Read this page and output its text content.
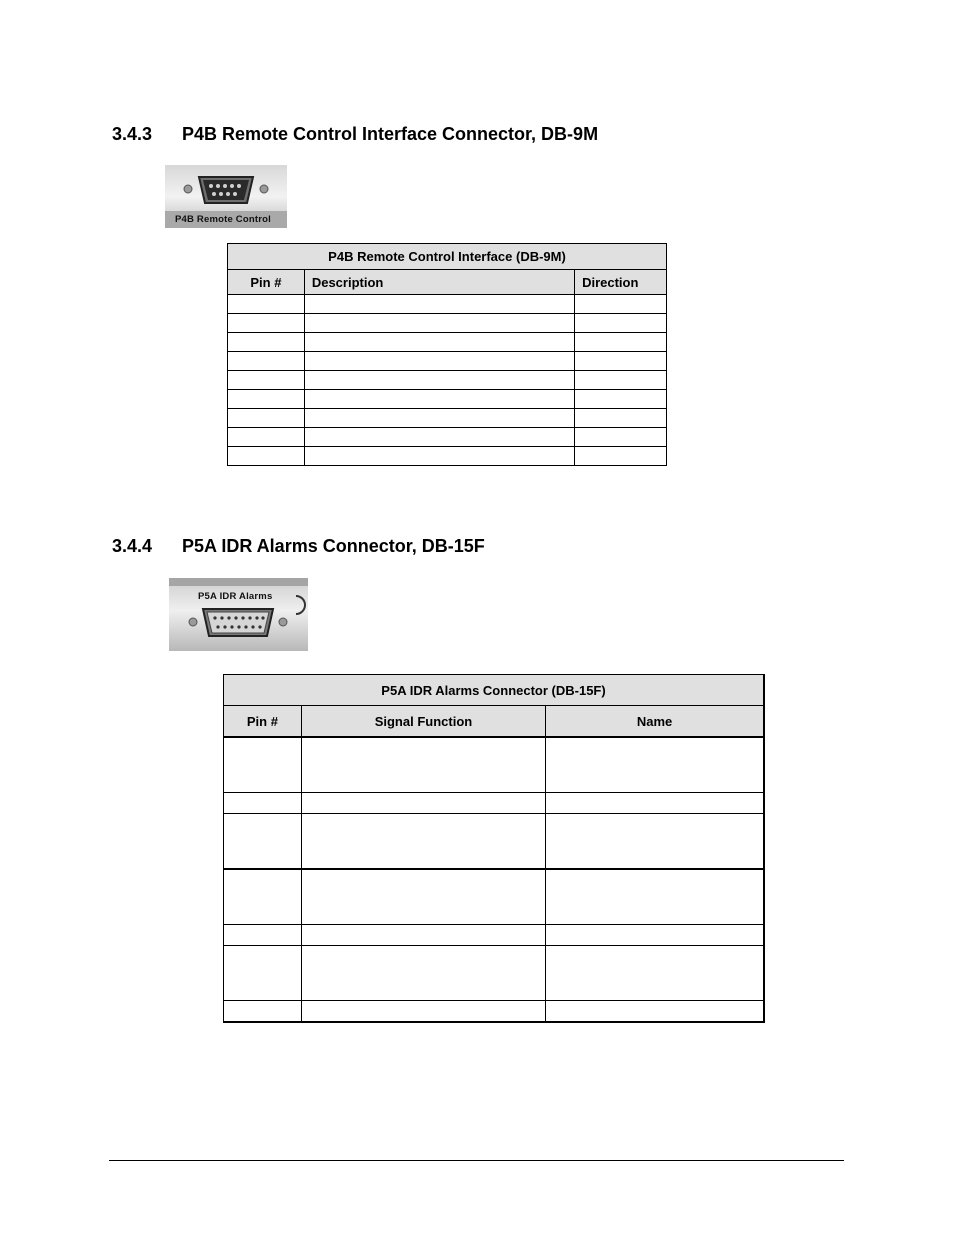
3.4.3 P4B Remote Control Interface Connector, DB-9M
P4B Remote Control
P4B Remote Control Interface (DB-9M)		
Pin #	Description	Direction

3.4.4 P5A IDR Alarms Connector, DB-15F
P5A IDR Alarms
P5A IDR Alarms Connector (DB-15F)		
Pin #	Signal Function	Name
